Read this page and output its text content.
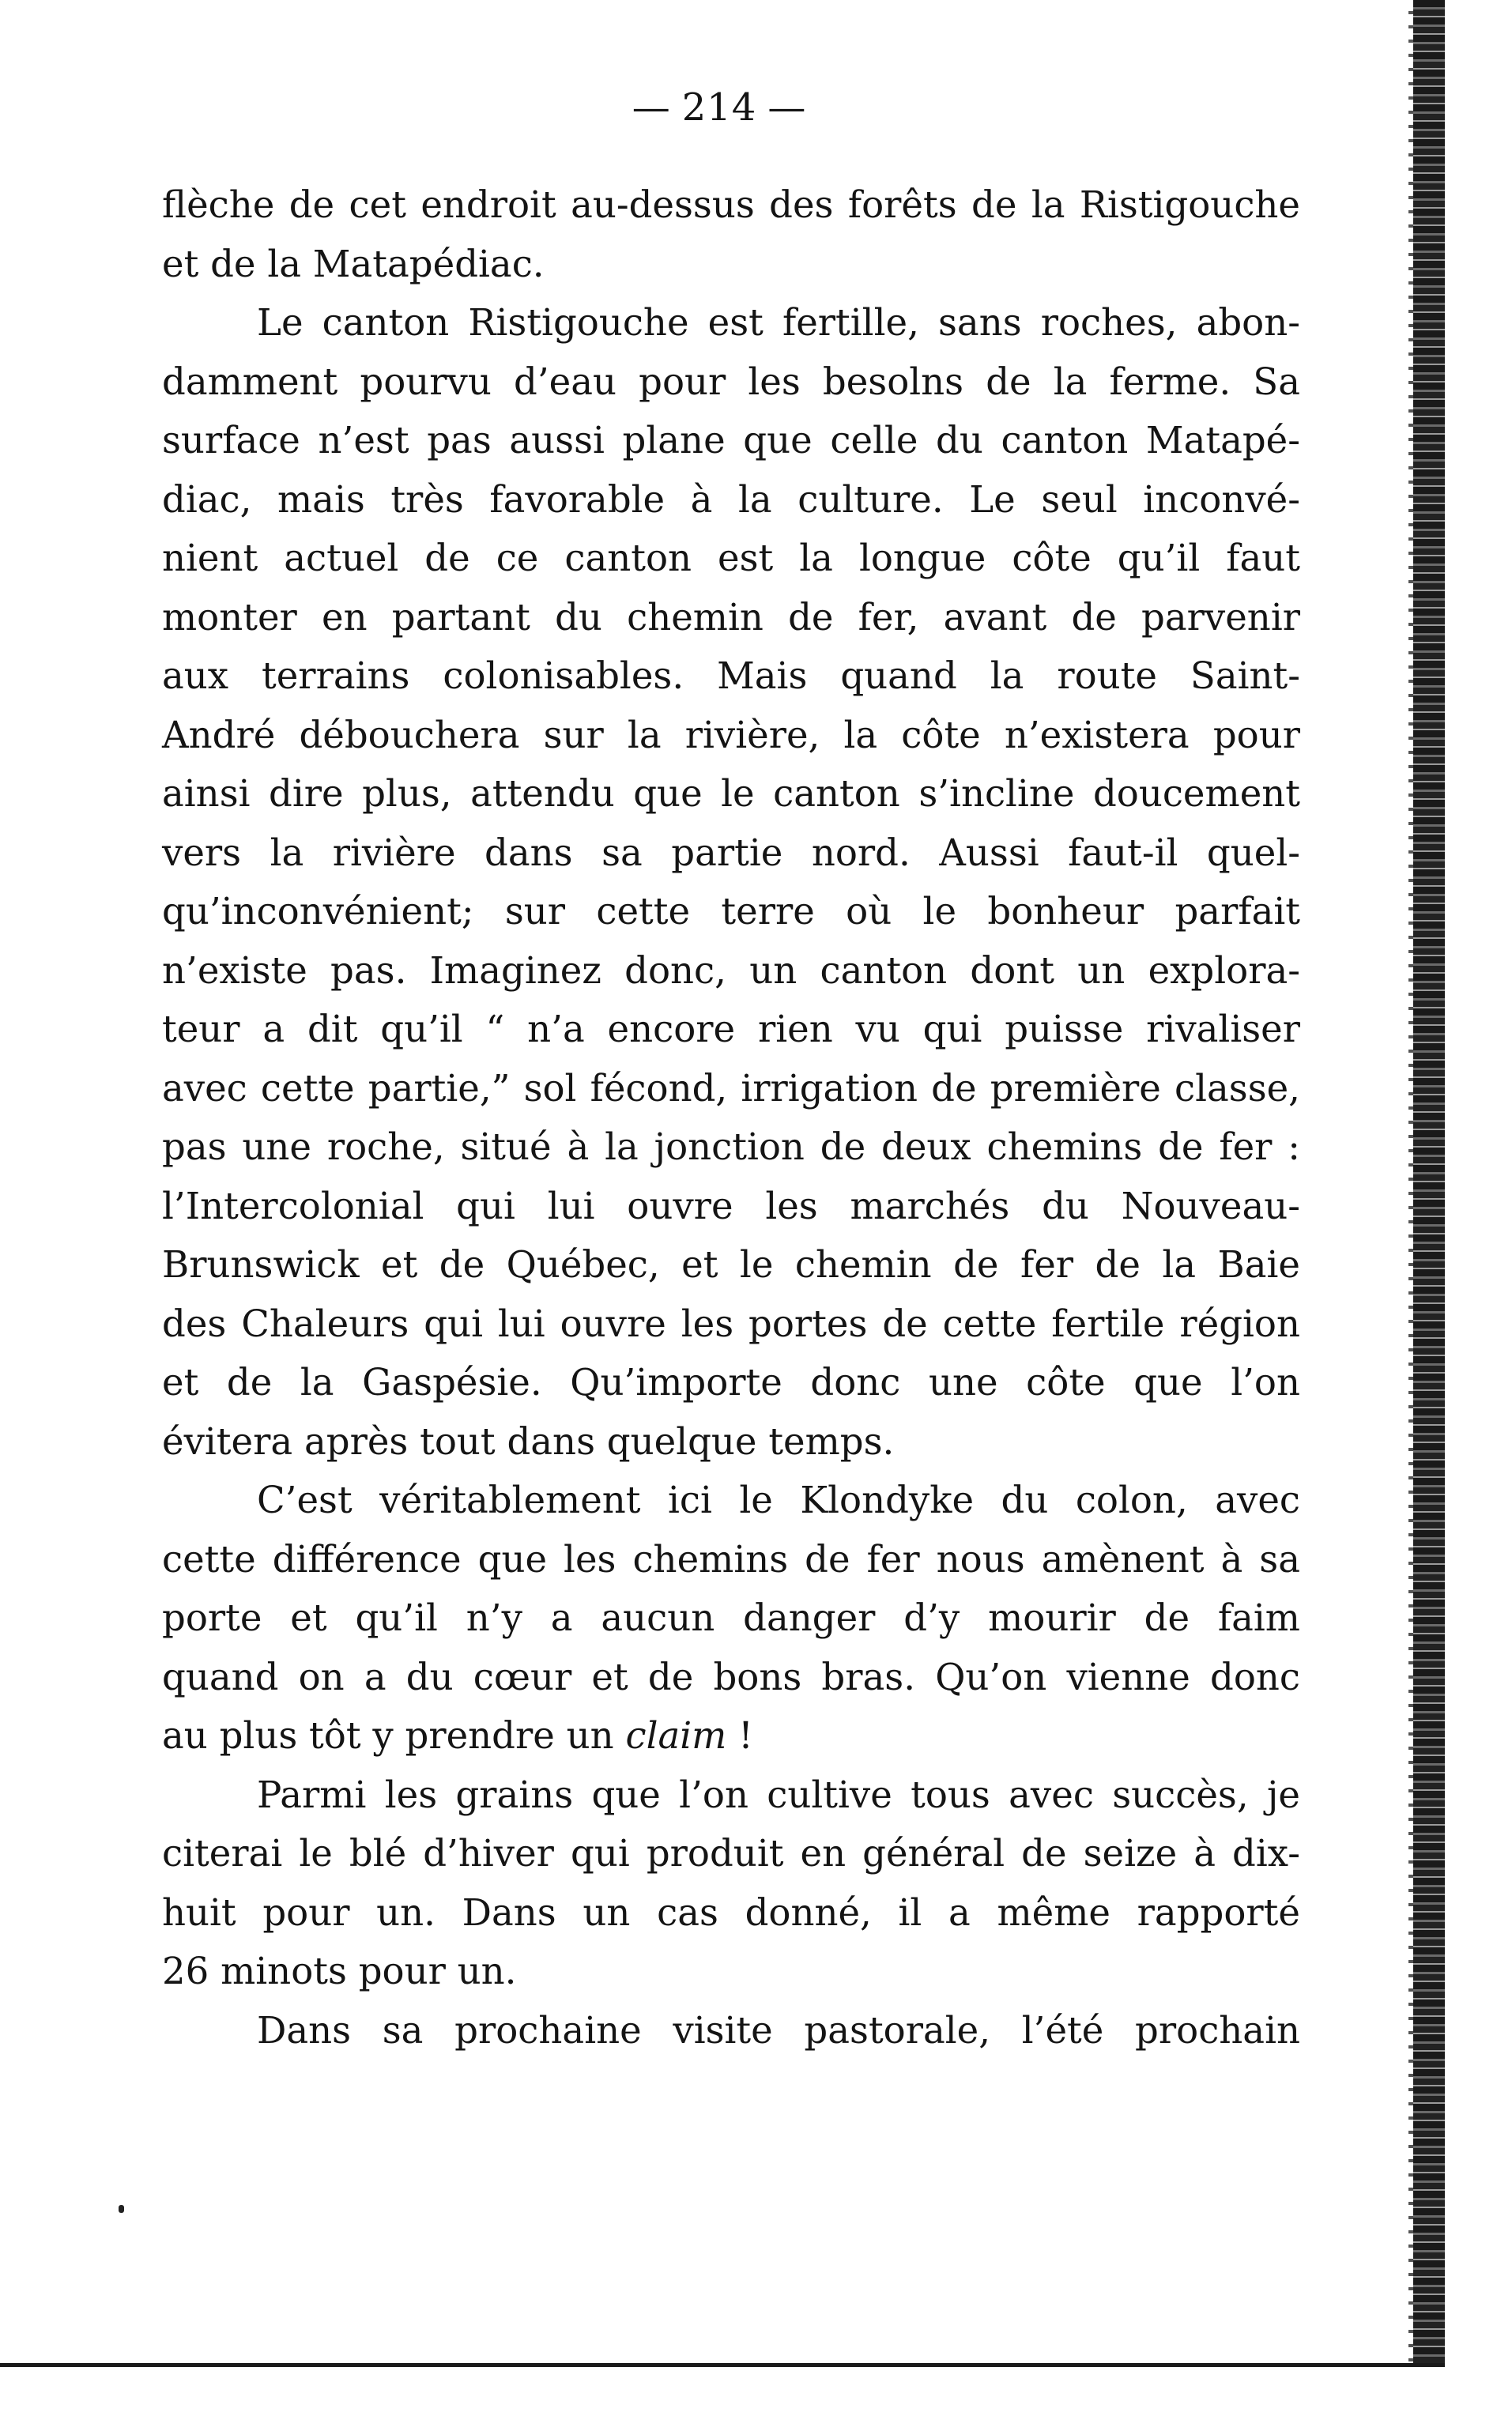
— 214 —
flèche de cet endroit au-dessus des forêts de la Ristigouche
et de la Matapédiac.
Le canton Ristigouche est fertille, sans roches, abon-
damment pourvu d’eau pour les besolns de la ferme. Sa
surface n’est pas aussi plane que celle du canton Matapé-
diac, mais très favorable à la culture. Le seul inconvé-
nient actuel de ce canton est la longue côte qu’il faut
monter en partant du chemin de fer, avant de parvenir
aux terrains colonisables. Mais quand la route Saint-
André débouchera sur la rivière, la côte n’existera pour
ainsi dire plus, attendu que le canton s’incline doucement
vers la rivière dans sa partie nord. Aussi faut-il quel-
qu’inconvénient; sur cette terre où le bonheur parfait
n’existe pas. Imaginez donc, un canton dont un explora-
teur a dit qu’il “ n’a encore rien vu qui puisse rivaliser
avec cette partie,” sol fécond, irrigation de première classe,
pas une roche, situé à la jonction de deux chemins de fer :
l’Intercolonial qui lui ouvre les marchés du Nouveau-
Brunswick et de Québec, et le chemin de fer de la Baie
des Chaleurs qui lui ouvre les portes de cette fertile région
et de la Gaspésie. Qu’importe donc une côte que l’on
évitera après tout dans quelque temps.
C’est véritablement ici le Klondyke du colon, avec
cette différence que les chemins de fer nous amènent à sa
porte et qu’il n’y a aucun danger d’y mourir de faim
quand on a du cœur et de bons bras. Qu’on vienne donc
au plus tôt y prendre un claim !
Parmi les grains que l’on cultive tous avec succès, je
citerai le blé d’hiver qui produit en général de seize à dix-
huit pour un. Dans un cas donné, il a même rapporté
26 minots pour un.
Dans sa prochaine visite pastorale, l’été prochain
